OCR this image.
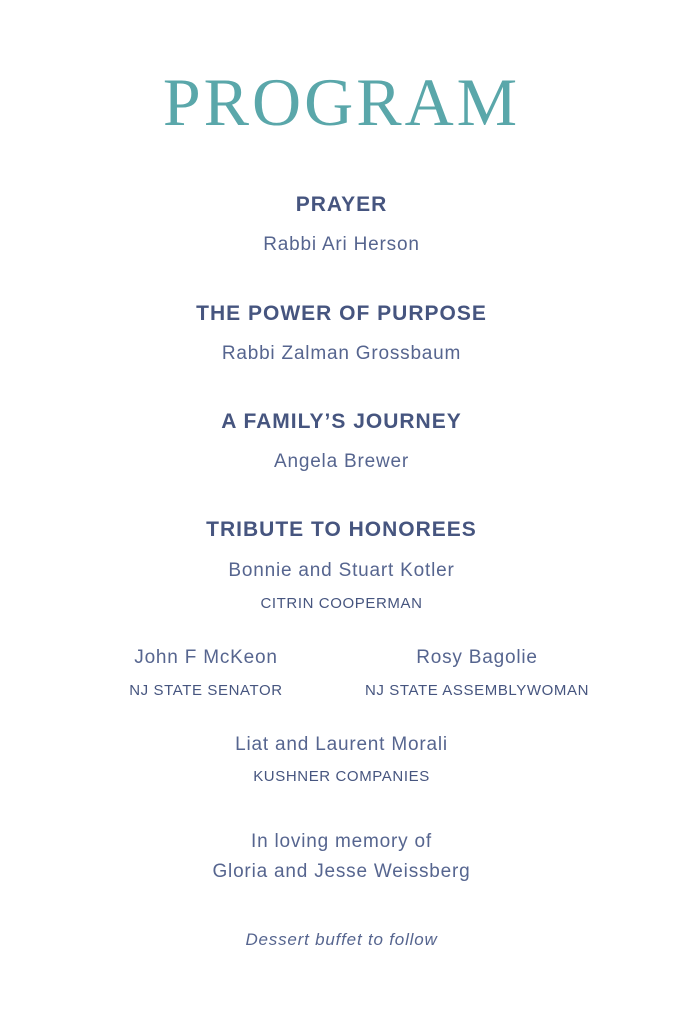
PROGRAM
PRAYER
Rabbi Ari Herson
THE POWER OF PURPOSE
Rabbi Zalman Grossbaum
A FAMILY’S JOURNEY
Angela Brewer
TRIBUTE TO HONOREES
Bonnie and Stuart Kotler
CITRIN COOPERMAN
John F McKeon
NJ STATE SENATOR
Rosy Bagolie
NJ STATE ASSEMBLYWOMAN
Liat and Laurent Morali
KUSHNER COMPANIES
In loving memory of
Gloria and Jesse Weissberg
Dessert buffet to follow
